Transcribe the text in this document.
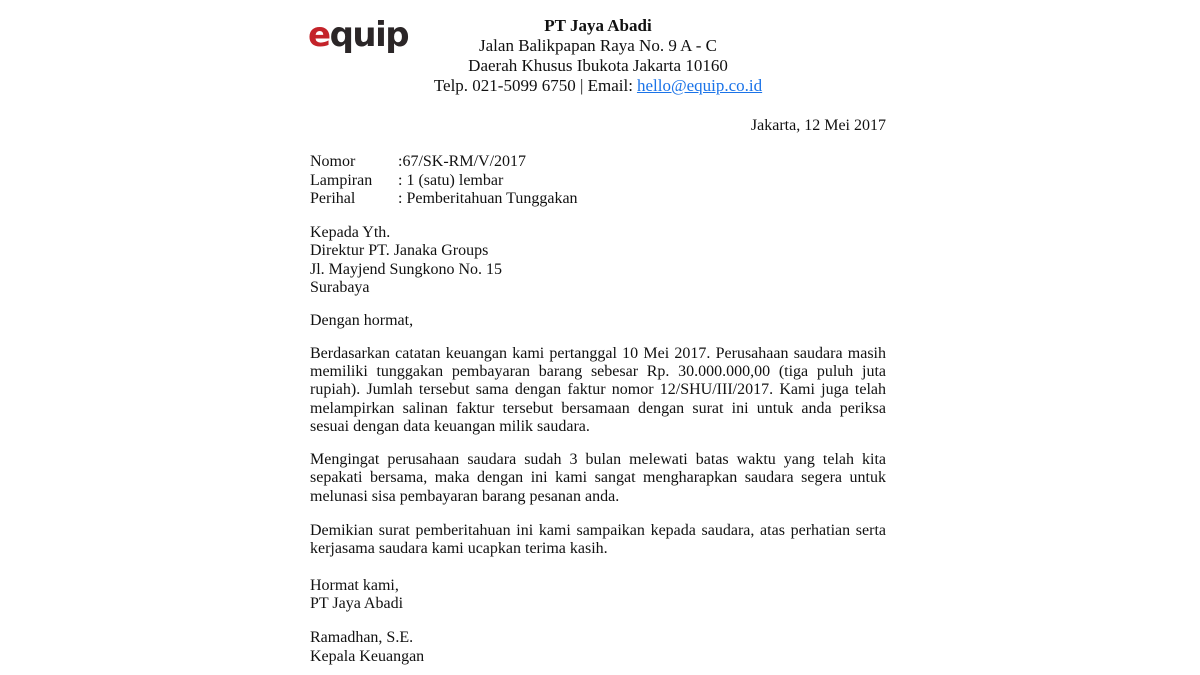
equip	PT Jaya Abadi
Jalan Balikpapan Raya No. 9 A - C
Daerah Khusus Ibukota Jakarta 10160
Telp. 021-5099 6750 | Email: hello@equip.co.id
Jakarta, 12 Mei 2017
Nomor	:67/SK-RM/V/2017
Lampiran	: 1 (satu) lembar
Perihal	: Pemberitahuan Tunggakan
Kepada Yth.
Direktur PT. Janaka Groups
Jl. Mayjend Sungkono No. 15
Surabaya
Dengan hormat,

Berdasarkan catatan keuangan kami pertanggal 10 Mei 2017. Perusahaan saudara masih memiliki tunggakan pembayaran barang sebesar Rp. 30.000.000,00 (tiga puluh juta rupiah). Jumlah tersebut sama dengan faktur nomor 12/SHU/III/2017. Kami juga telah melampirkan salinan faktur tersebut bersamaan dengan surat ini untuk anda periksa sesuai dengan data keuangan milik saudara.

Mengingat perusahaan saudara sudah 3 bulan melewati batas waktu yang telah kita sepakati bersama, maka dengan ini kami sangat mengharapkan saudara segera untuk melunasi sisa pembayaran barang pesanan anda.

Demikian surat pemberitahuan ini kami sampaikan kepada saudara, atas perhatian serta kerjasama saudara kami ucapkan terima kasih.

Hormat kami,
PT Jaya Abadi
Ramadhan, S.E.
Kepala Keuangan
